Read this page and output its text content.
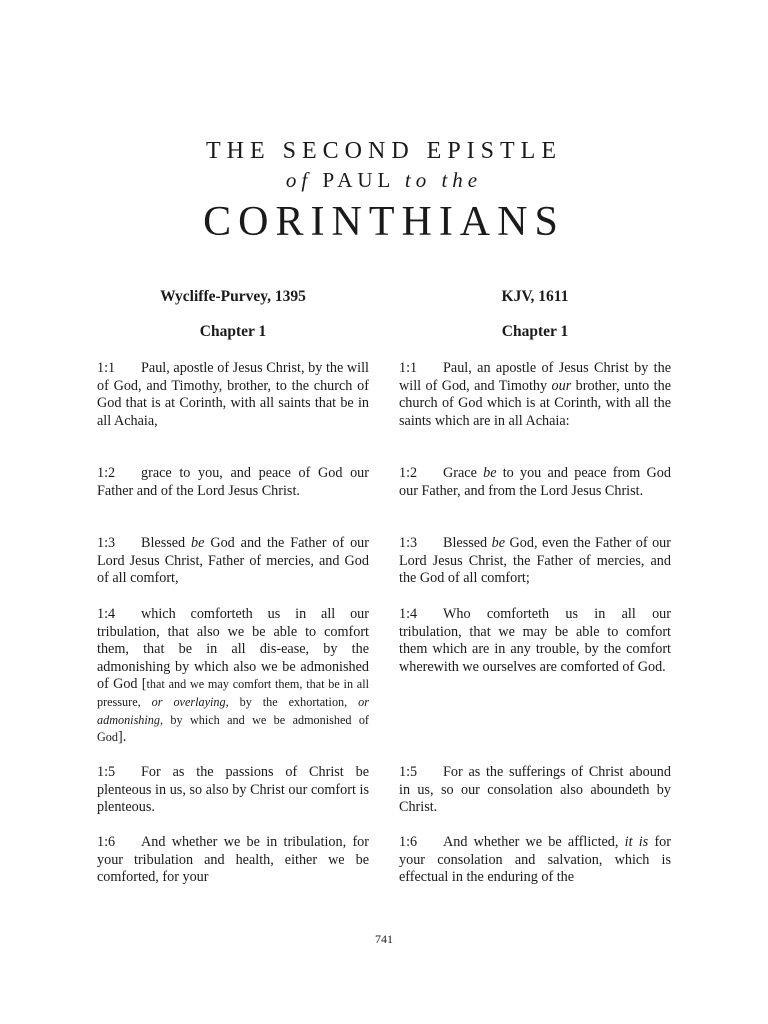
THE SECOND EPISTLE
of PAUL to the
CORINTHIANS
Wycliffe-Purvey, 1395
Chapter 1
1:1 Paul, apostle of Jesus Christ, by the will of God, and Timothy, brother, to the church of God that is at Corinth, with all saints that be in all Achaia,
1:2 grace to you, and peace of God our Father and of the Lord Jesus Christ.
1:3 Blessed be God and the Father of our Lord Jesus Christ, Father of mercies, and God of all comfort,
1:4 which comforteth us in all our tribulation, that also we be able to comfort them, that be in all dis-ease, by the admonishing by which also we be admonished of God [that and we may comfort them, that be in all pressure, or overlaying, by the exhortation, or admonishing, by which and we be admonished of God].
1:5 For as the passions of Christ be plenteous in us, so also by Christ our comfort is plenteous.
1:6 And whether we be in tribulation, for your tribulation and health, either we be comforted, for your
KJV, 1611
Chapter 1
1:1 Paul, an apostle of Jesus Christ by the will of God, and Timothy our brother, unto the church of God which is at Corinth, with all the saints which are in all Achaia:
1:2 Grace be to you and peace from God our Father, and from the Lord Jesus Christ.
1:3 Blessed be God, even the Father of our Lord Jesus Christ, the Father of mercies, and the God of all comfort;
1:4 Who comforteth us in all our tribulation, that we may be able to comfort them which are in any trouble, by the comfort wherewith we ourselves are comforted of God.
1:5 For as the sufferings of Christ abound in us, so our consolation also aboundeth by Christ.
1:6 And whether we be afflicted, it is for your consolation and salvation, which is effectual in the enduring of the
741
